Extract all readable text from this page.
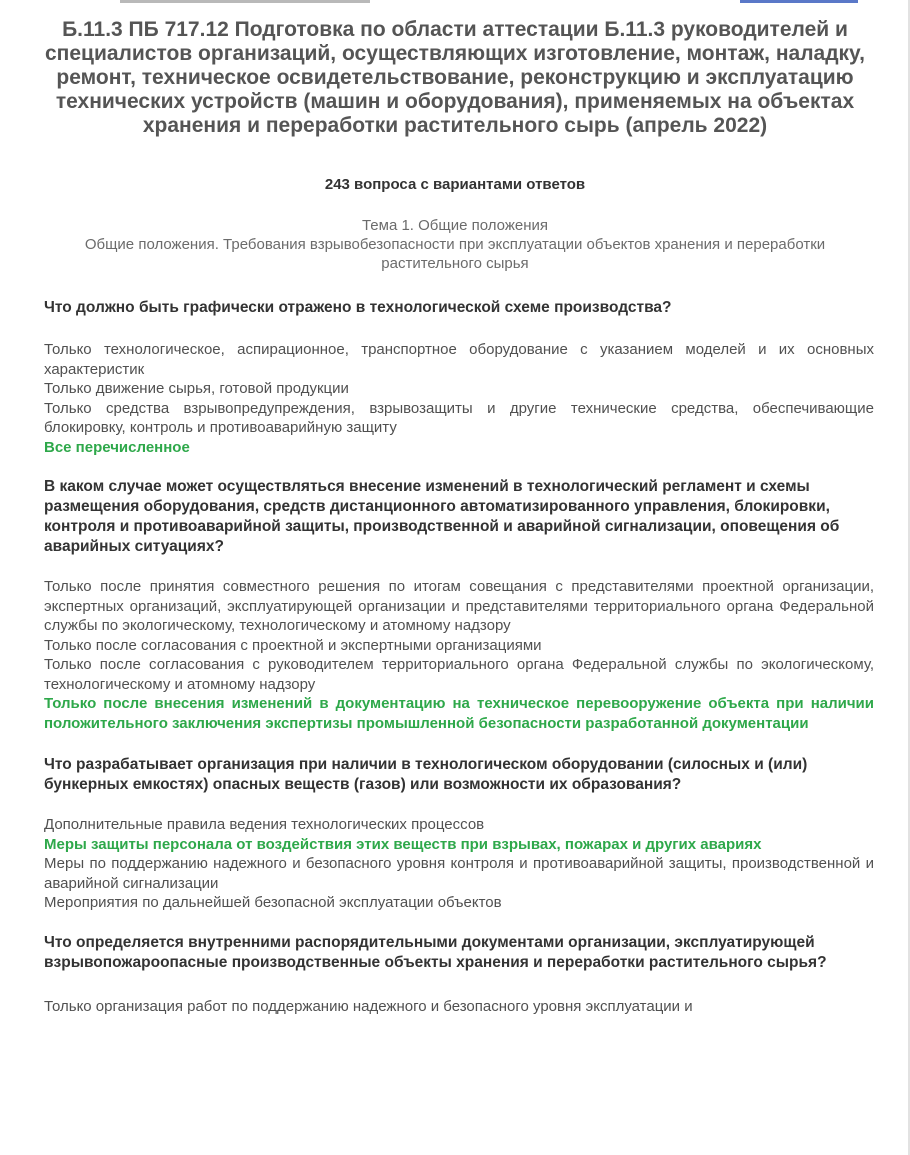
Б.11.3 ПБ 717.12 Подготовка по области аттестации Б.11.3 руководителей и специалистов организаций, осуществляющих изготовление, монтаж, наладку, ремонт, техническое освидетельствование, реконструкцию и эксплуатацию технических устройств (машин и оборудования), применяемых на объектах хранения и переработки растительного сырь (апрель 2022)
243 вопроса с вариантами ответов
Тема 1. Общие положения
Общие положения. Требования взрывобезопасности при эксплуатации объектов хранения и переработки растительного сырья

Что должно быть графически отражено в технологической схеме производства?

Только технологическое, аспирационное, транспортное оборудование с указанием моделей и их основных характеристик

Только движение сырья, готовой продукции

Только средства взрывопредупреждения, взрывозащиты и другие технические средства, обеспечивающие блокировку, контроль и противоаварийную защиту

Все перечисленное

В каком случае может осуществляться внесение изменений в технологический регламент и схемы размещения оборудования, средств дистанционного автоматизированного управления, блокировки, контроля и противоаварийной защиты, производственной и аварийной сигнализации, оповещения об аварийных ситуациях?

Только после принятия совместного решения по итогам совещания с представителями проектной организации, экспертных организаций, эксплуатирующей организации и представителями территориального органа Федеральной службы по экологическому, технологическому и атомному надзору

Только после согласования с проектной и экспертными организациями

Только после согласования с руководителем территориального органа Федеральной службы по экологическому, технологическому и атомному надзору

Только после внесения изменений в документацию на техническое перевооружение объекта при наличии положительного заключения экспертизы промышленной безопасности разработанной документации

Что разрабатывает организация при наличии в технологическом оборудовании (силосных и (или) бункерных емкостях) опасных веществ (газов) или возможности их образования?

Дополнительные правила ведения технологических процессов

Меры защиты персонала от воздействия этих веществ при взрывах, пожарах и других авариях

Меры по поддержанию надежного и безопасного уровня контроля и противоаварийной защиты, производственной и аварийной сигнализации

Мероприятия по дальнейшей безопасной эксплуатации объектов

Что определяется внутренними распорядительными документами организации, эксплуатирующей взрывопожароопасные производственные объекты хранения и переработки растительного сырья?

Только организация работ по поддержанию надежного и безопасного уровня эксплуатации и
